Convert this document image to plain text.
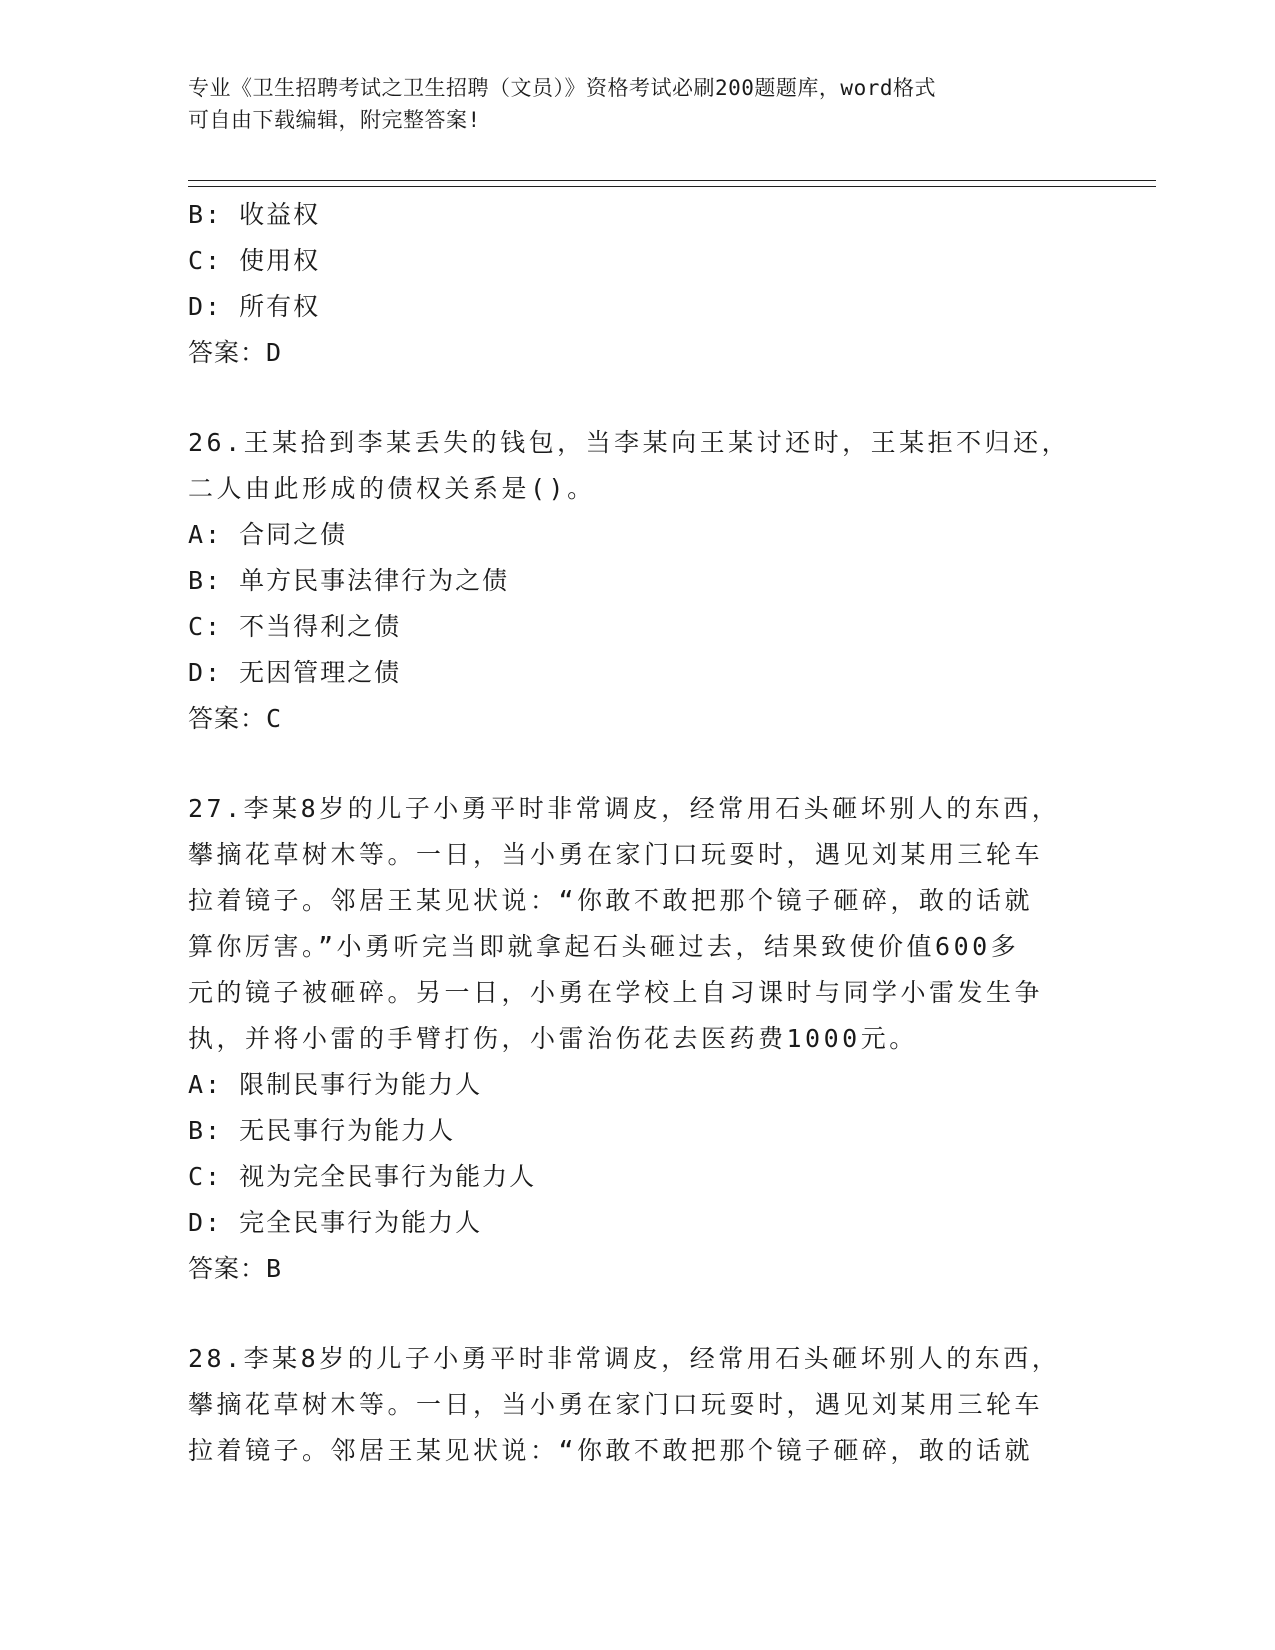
专业《卫生招聘考试之卫生招聘（文员）》资格考试必刷200题题库，word格式
可自由下载编辑，附完整答案!
B: 收益权
C: 使用权
D: 所有权
答案：D
26.王某拾到李某丢失的钱包，当李某向王某讨还时，王某拒不归还，
二人由此形成的债权关系是()。
A: 合同之债
B: 单方民事法律行为之债
C: 不当得利之债
D: 无因管理之债
答案：C
27.李某8岁的儿子小勇平时非常调皮，经常用石头砸坏别人的东西，
攀摘花草树木等。一日，当小勇在家门口玩耍时，遇见刘某用三轮车
拉着镜子。邻居王某见状说：“你敢不敢把那个镜子砸碎，敢的话就
算你厉害。”小勇听完当即就拿起石头砸过去，结果致使价值600多
元的镜子被砸碎。另一日，小勇在学校上自习课时与同学小雷发生争
执，并将小雷的手臂打伤，小雷治伤花去医药费1000元。
A: 限制民事行为能力人
B: 无民事行为能力人
C: 视为完全民事行为能力人
D: 完全民事行为能力人
答案：B
28.李某8岁的儿子小勇平时非常调皮，经常用石头砸坏别人的东西，
攀摘花草树木等。一日，当小勇在家门口玩耍时，遇见刘某用三轮车
拉着镜子。邻居王某见状说：“你敢不敢把那个镜子砸碎，敢的话就
